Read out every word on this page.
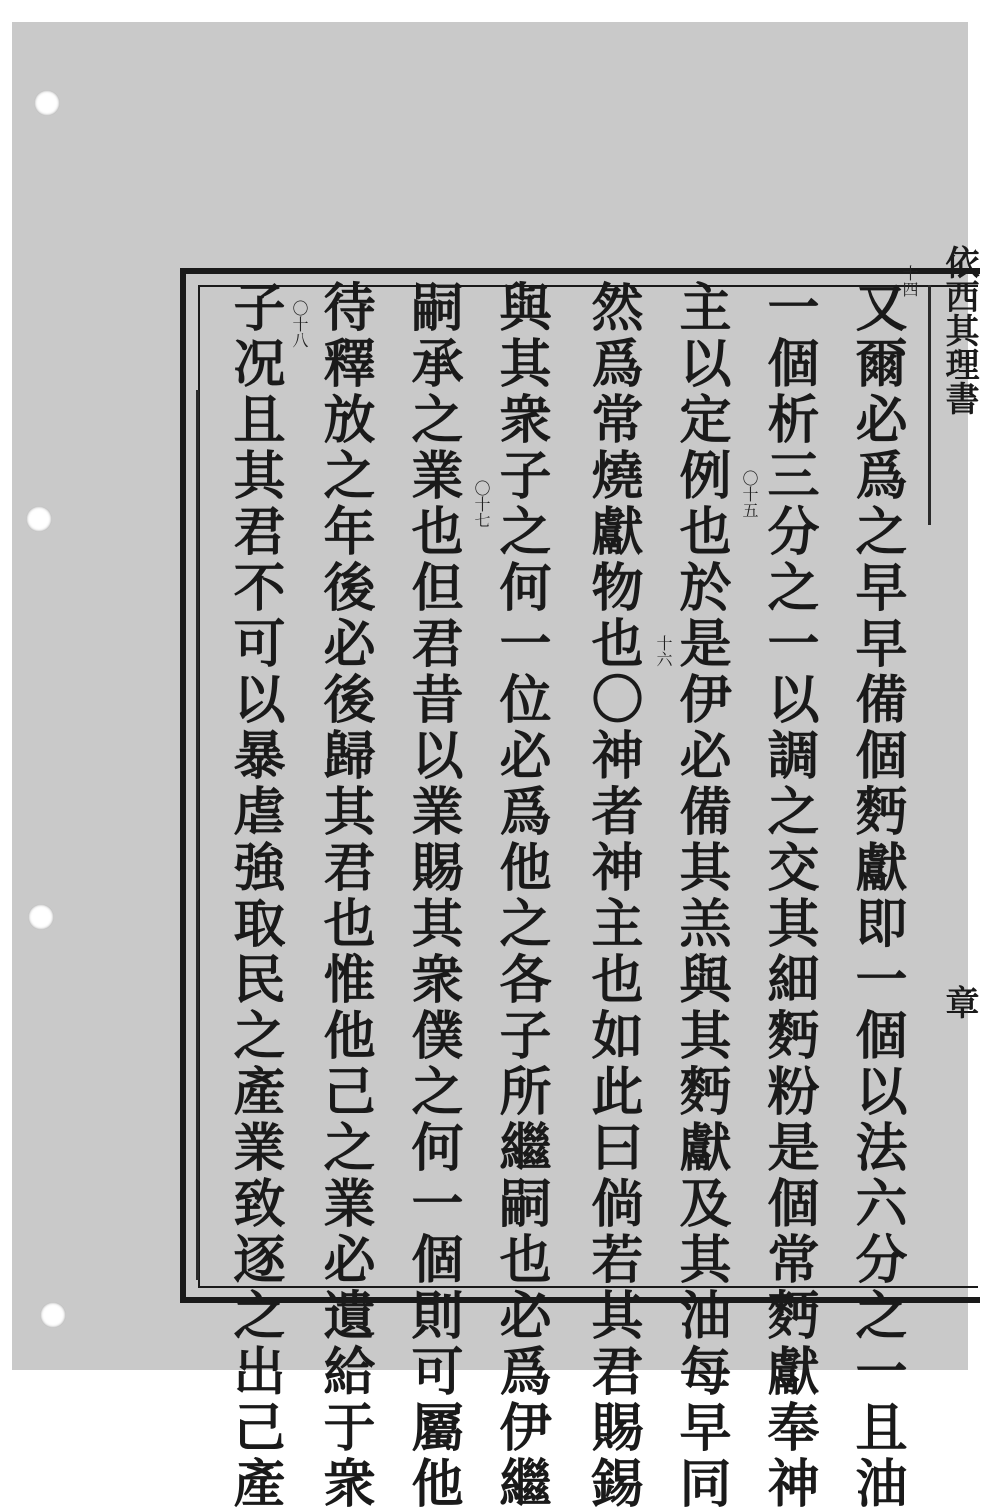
依西其理書
章
又爾必爲之早早備個麪獻即一個以法六分之一且油
一個析三分之一以調之交其細麪粉是個常麪獻奉神
主以定例也於是伊必備其羔與其麪獻及其油每早同
然爲常燒獻物也〇神者神主也如此曰倘若其君賜錫
與其衆子之何一位必爲他之各子所繼嗣也必爲伊繼
嗣承之業也但君昔以業賜其衆僕之何一個則可屬他
待釋放之年後必後歸其君也惟他己之業必遺給于衆
子况且其君不可以暴虐強取民之產業致逐之出己產	十四
〇十五
十六
〇十七
〇十八
